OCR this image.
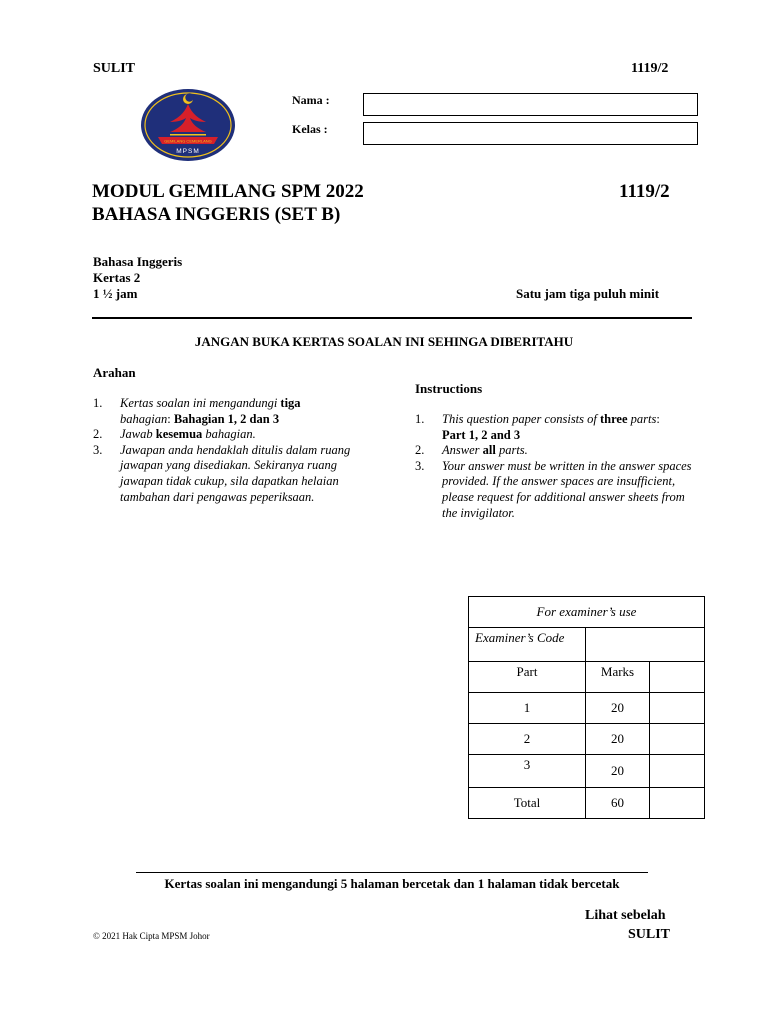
SULIT	1119/2
GEMILANG CEMERLANG
MPSM
Nama :
Kelas :
MODUL GEMILANG SPM 2022	1119/2
BAHASA INGGERIS (SET B)
Bahasa Inggeris
Kertas 2
1 ½ jam	Satu jam tiga puluh minit
JANGAN BUKA KERTAS SOALAN INI SEHINGA DIBERITAHU
Arahan
1.	Kertas soalan ini mengandungi tiga
bahagian: Bahagian 1, 2 dan 3
2.	Jawab kesemua bahagian.
3.	Jawapan anda hendaklah ditulis dalam ruang jawapan yang disediakan. Sekiranya ruang jawapan tidak cukup, sila dapatkan helaian tambahan dari pengawas peperiksaan.
Instructions
1.	This question paper consists of three parts:
Part 1, 2 and 3
2.	Answer all parts.
3.	Your answer must be written in the answer spaces provided. If the answer spaces are insufficient, please request for additional answer sheets from the invigilator.
For examiner’s use		
Examiner’s Code		
Part	Marks	
1	20	
2	20	
3	20	
Total	60	
Kertas soalan ini mengandungi 5 halaman bercetak dan 1 halaman tidak bercetak
Lihat sebelah
SULIT
© 2021 Hak Cipta MPSM Johor
